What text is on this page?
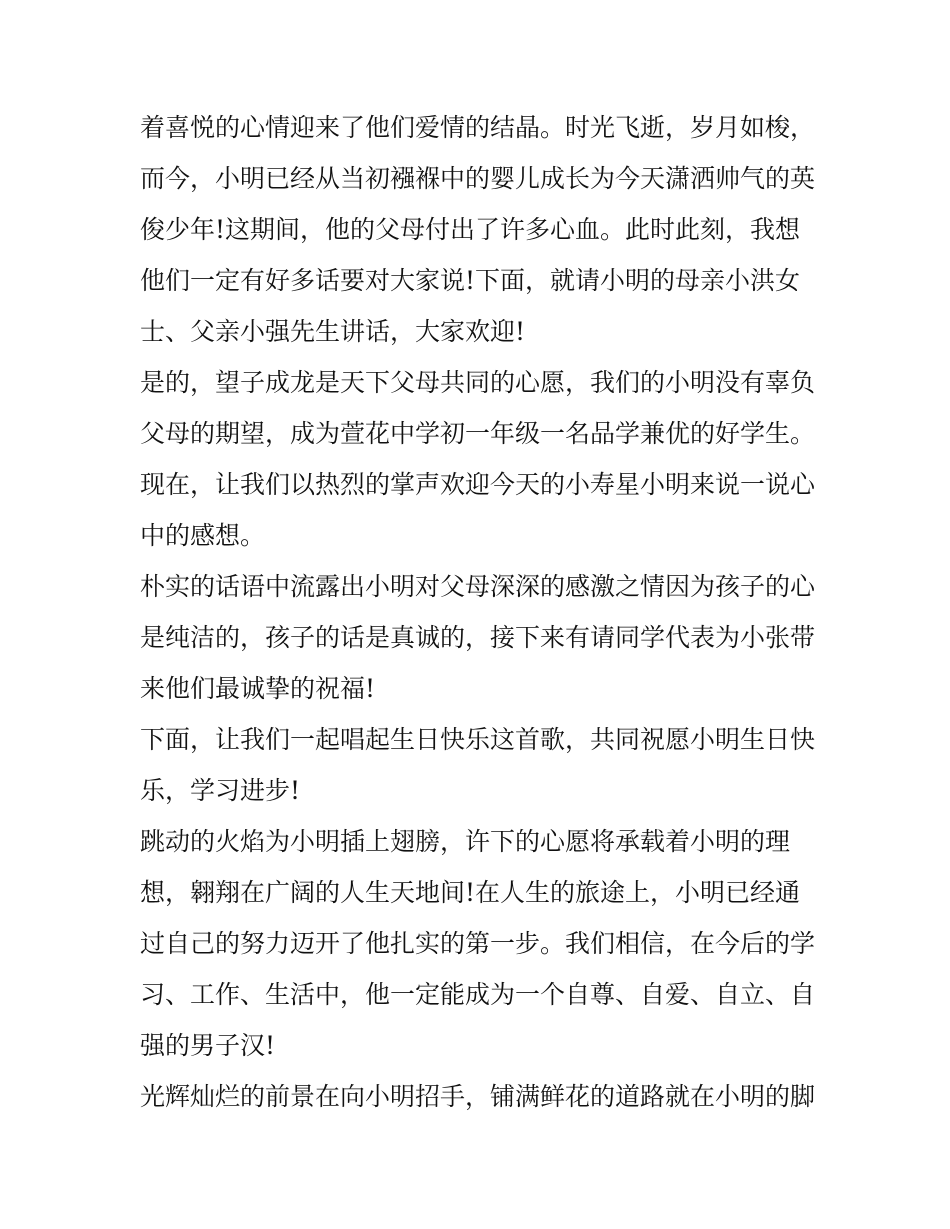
着喜悦的心情迎来了他们爱情的结晶。时光飞逝，岁月如梭，
而今，小明已经从当初襁褓中的婴儿成长为今天潇洒帅气的英
俊少年!这期间，他的父母付出了许多心血。此时此刻，我想
他们一定有好多话要对大家说!下面，就请小明的母亲小洪女
士、父亲小强先生讲话，大家欢迎!
是的，望子成龙是天下父母共同的心愿，我们的小明没有辜负
父母的期望，成为萱花中学初一年级一名品学兼优的好学生。
现在，让我们以热烈的掌声欢迎今天的小寿星小明来说一说心
中的感想。
朴实的话语中流露出小明对父母深深的感激之情因为孩子的心
是纯洁的，孩子的话是真诚的，接下来有请同学代表为小张带
来他们最诚挚的祝福!
下面，让我们一起唱起生日快乐这首歌，共同祝愿小明生日快
乐，学习进步!
跳动的火焰为小明插上翅膀，许下的心愿将承载着小明的理
想，翱翔在广阔的人生天地间!在人生的旅途上，小明已经通
过自己的努力迈开了他扎实的第一步。我们相信，在今后的学
习、工作、生活中，他一定能成为一个自尊、自爱、自立、自
强的男子汉!
光辉灿烂的前景在向小明招手，铺满鲜花的道路就在小明的脚
